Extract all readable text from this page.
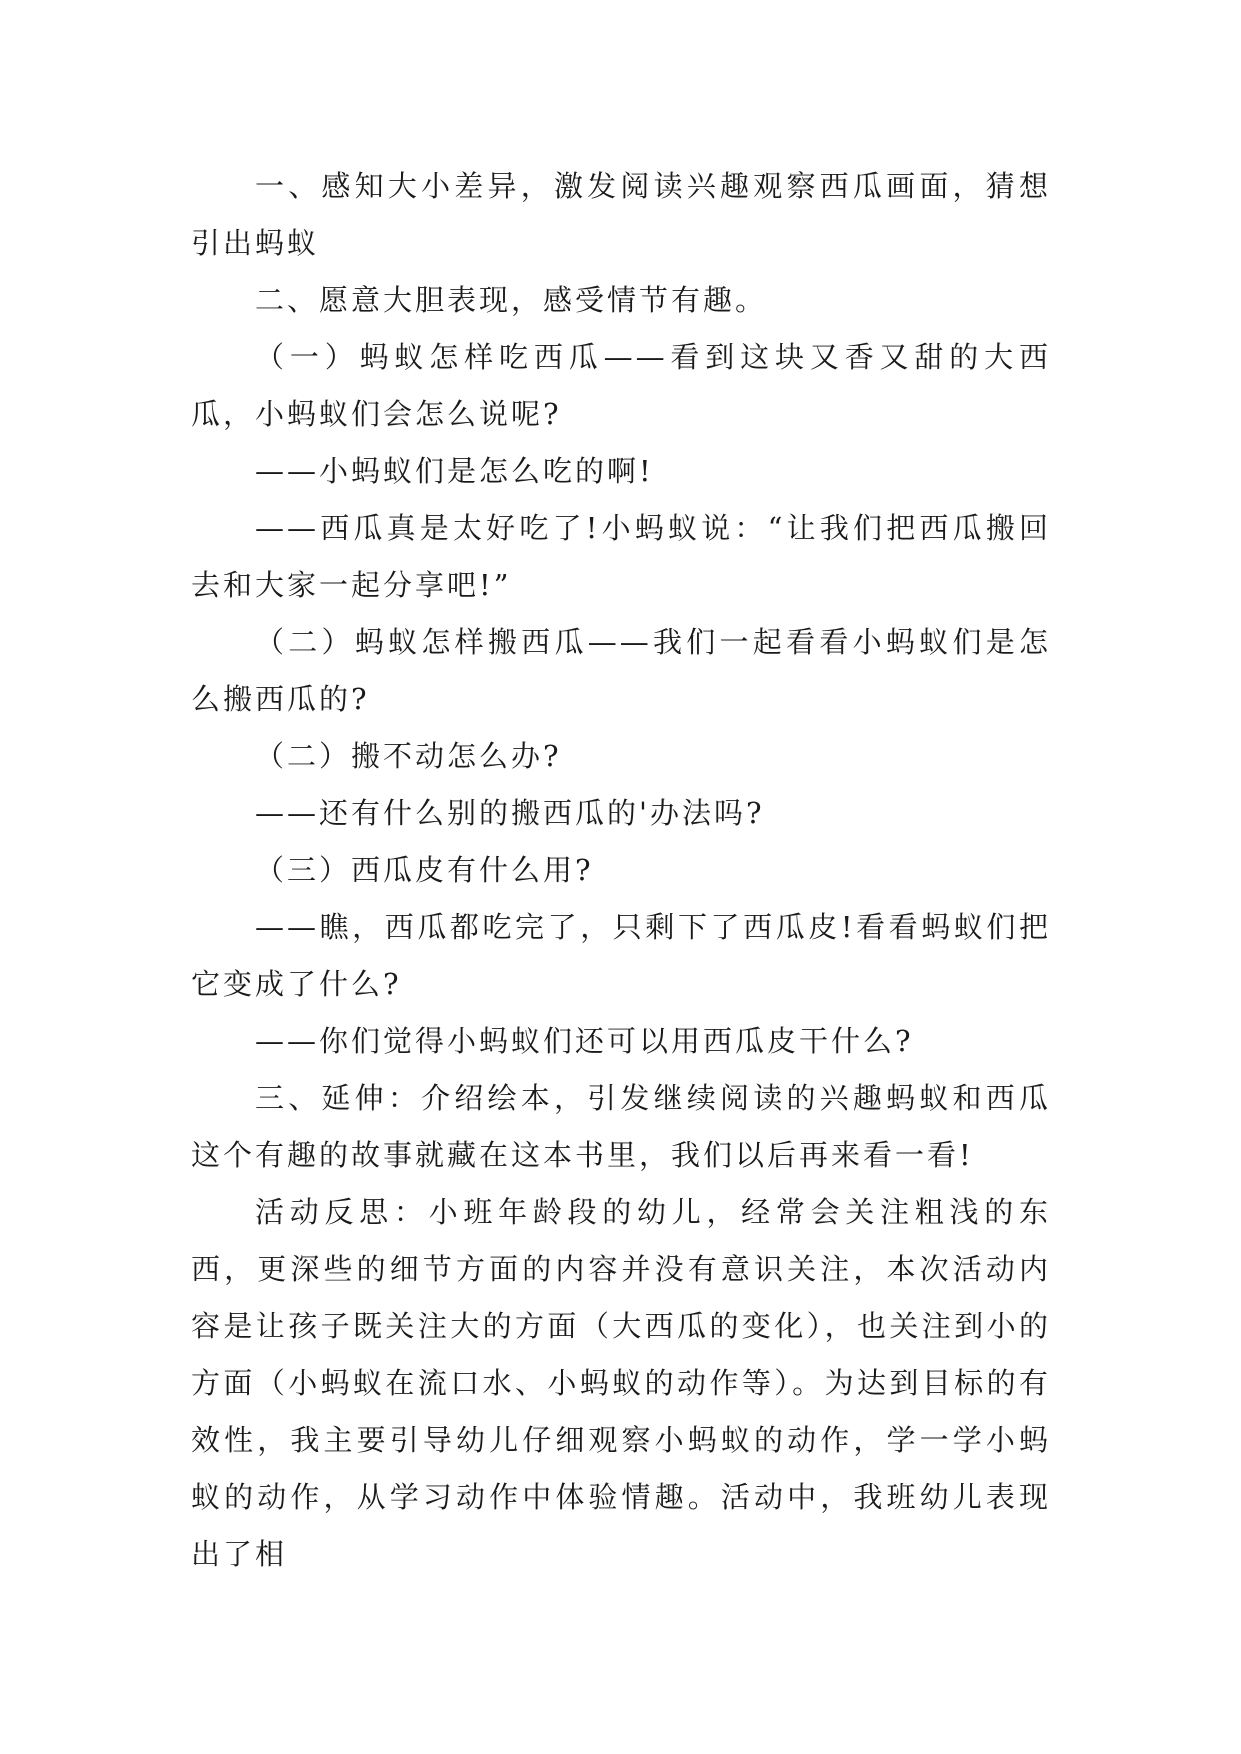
一、感知大小差异，激发阅读兴趣观察西瓜画面，猜想引出蚂蚁

二、愿意大胆表现，感受情节有趣。

（一）蚂蚁怎样吃西瓜——看到这块又香又甜的大西瓜，小蚂蚁们会怎么说呢?

——小蚂蚁们是怎么吃的啊!

——西瓜真是太好吃了!小蚂蚁说：“让我们把西瓜搬回去和大家一起分享吧!”

（二）蚂蚁怎样搬西瓜——我们一起看看小蚂蚁们是怎么搬西瓜的?

（二）搬不动怎么办?

——还有什么别的搬西瓜的'办法吗?

（三）西瓜皮有什么用?

——瞧，西瓜都吃完了，只剩下了西瓜皮!看看蚂蚁们把它变成了什么?

——你们觉得小蚂蚁们还可以用西瓜皮干什么?

三、延伸：介绍绘本，引发继续阅读的兴趣蚂蚁和西瓜这个有趣的故事就藏在这本书里，我们以后再来看一看!

活动反思：小班年龄段的幼儿，经常会关注粗浅的东西，更深些的细节方面的内容并没有意识关注，本次活动内容是让孩子既关注大的方面（大西瓜的变化），也关注到小的方面（小蚂蚁在流口水、小蚂蚁的动作等）。为达到目标的有效性，我主要引导幼儿仔细观察小蚂蚁的动作，学一学小蚂蚁的动作，从学习动作中体验情趣。活动中，我班幼儿表现出了相
